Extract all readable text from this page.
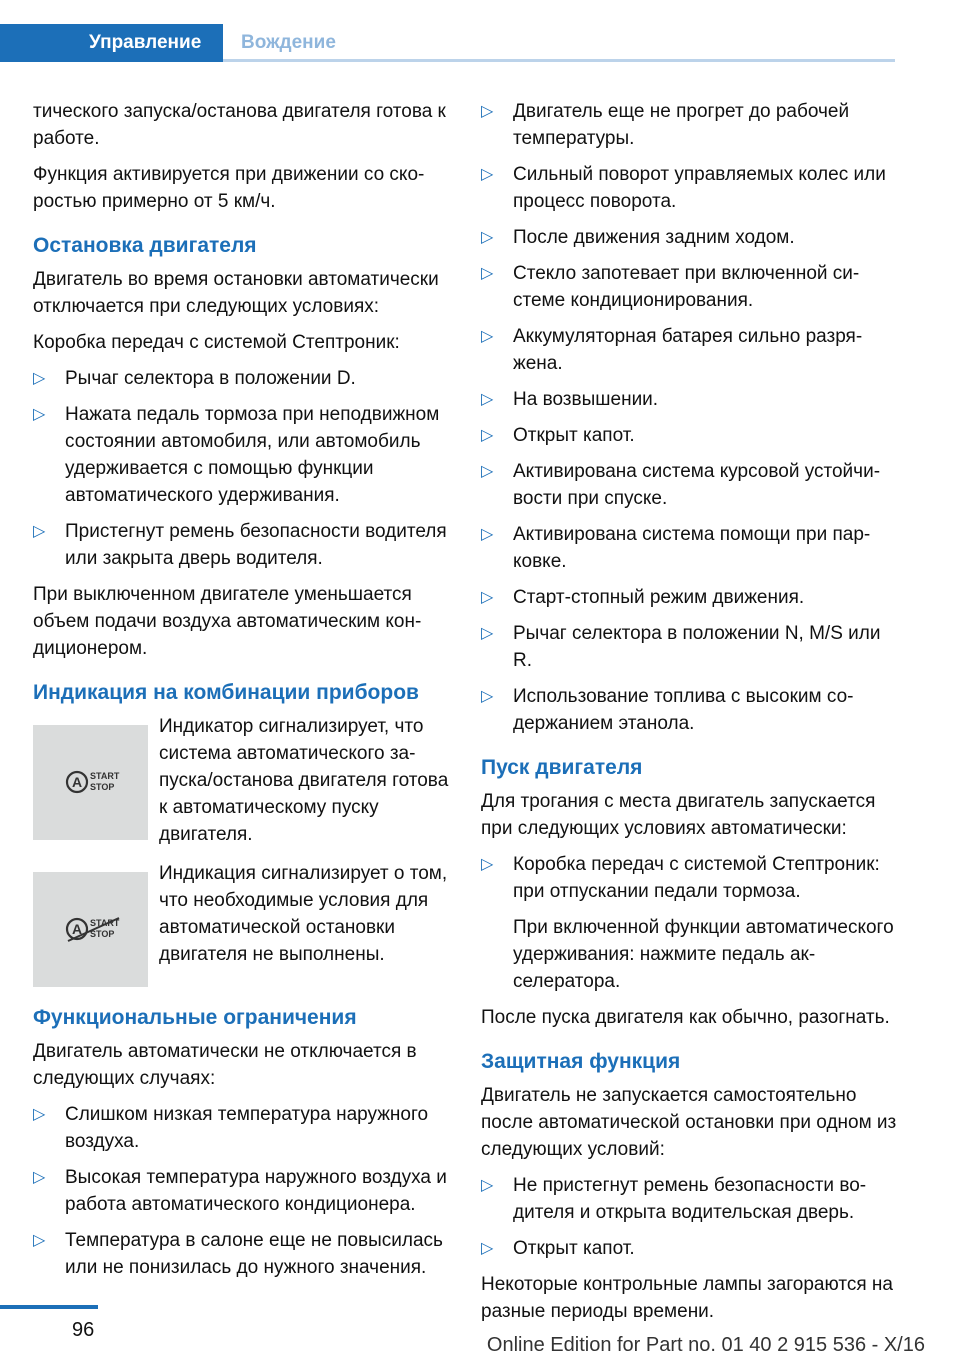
Управление	Вождение

тического запуска/останова двигателя готова к работе.

Функция активируется при движении со скоростью примерно от 5 км/ч.

Остановка двигателя

Двигатель во время остановки автоматически отключается при следующих условиях:

Коробка передач с системой Стептроник:

▷ Рычаг селектора в положении D.
▷ Нажата педаль тормоза при неподвижном состоянии автомобиля, или автомобиль удерживается с помощью функции автоматического удерживания.
▷ Пристегнут ремень безопасности водителя или закрыта дверь водителя.

При выключенном двигателе уменьшается объем подачи воздуха автоматическим кондиционером.

Индикация на комбинации приборов
A START
STOP
Индикатор сигнализирует, что система автоматического запуска/останова двигателя готова к автоматическому пуску двигателя.
A START
STOP
Индикация сигнализирует о том, что необходимые условия для автоматической остановки двигателя не выполнены.
Функциональные ограничения

Двигатель автоматически не отключается в следующих случаях:

▷ Слишком низкая температура наружного воздуха.
▷ Высокая температура наружного воздуха и работа автоматического кондиционера.
▷ Температура в салоне еще не повысилась или не понизилась до нужного значения.
▷ Двигатель еще не прогрет до рабочей температуры.
▷ Сильный поворот управляемых колес или процесс поворота.
▷ После движения задним ходом.
▷ Стекло запотевает при включенной системе кондиционирования.
▷ Аккумуляторная батарея сильно разряжена.
▷ На возвышении.
▷ Открыт капот.
▷ Активирована система курсовой устойчивости при спуске.
▷ Активирована система помощи при парковке.
▷ Старт-стопный режим движения.
▷ Рычаг селектора в положении N, M/S или R.
▷ Использование топлива с высоким содержанием этанола.
Пуск двигателя

Для трогания с места двигатель запускается при следующих условиях автоматически:

▷ Коробка передач с системой Стептроник: при отпускании педали тормоза.
При включенной функции автоматического удерживания: нажмите педаль акселератора.

После пуска двигателя как обычно, разогнать.

Защитная функция

Двигатель не запускается самостоятельно после автоматической остановки при одном из следующих условий:

▷ Не пристегнут ремень безопасности водителя и открыта водительская дверь.
▷ Открыт капот.

Некоторые контрольные лампы загораются на разные периоды времени.

96
Online Edition for Part no. 01 40 2 915 536 - X/16
